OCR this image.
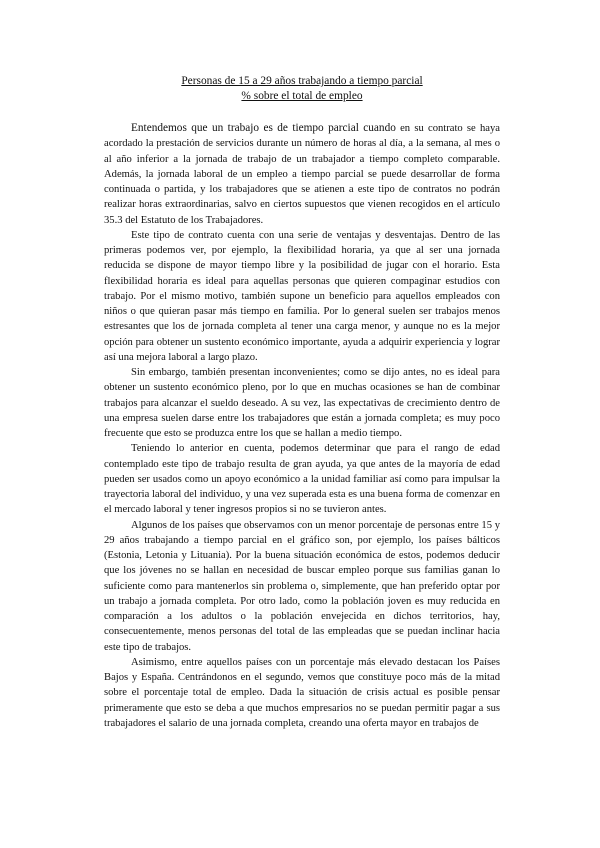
Personas de 15 a 29 años trabajando a tiempo parcial
% sobre el total de empleo

Entendemos que un trabajo es de tiempo parcial cuando en su contrato se haya acordado la prestación de servicios durante un número de horas al día, a la semana, al mes o al año inferior a la jornada de trabajo de un trabajador a tiempo completo comparable. Además, la jornada laboral de un empleo a tiempo parcial se puede desarrollar de forma continuada o partida, y los trabajadores que se atienen a este tipo de contratos no podrán realizar horas extraordinarias, salvo en ciertos supuestos que vienen recogidos en el artículo 35.3 del Estatuto de los Trabajadores.

Este tipo de contrato cuenta con una serie de ventajas y desventajas. Dentro de las primeras podemos ver, por ejemplo, la flexibilidad horaria, ya que al ser una jornada reducida se dispone de mayor tiempo libre y la posibilidad de jugar con el horario. Esta flexibilidad horaria es ideal para aquellas personas que quieren compaginar estudios con trabajo. Por el mismo motivo, también supone un beneficio para aquellos empleados con niños o que quieran pasar más tiempo en familia. Por lo general suelen ser trabajos menos estresantes que los de jornada completa al tener una carga menor, y aunque no es la mejor opción para obtener un sustento económico importante, ayuda a adquirir experiencia y lograr así una mejora laboral a largo plazo.

Sin embargo, también presentan inconvenientes; como se dijo antes, no es ideal para obtener un sustento económico pleno, por lo que en muchas ocasiones se han de combinar trabajos para alcanzar el sueldo deseado. A su vez, las expectativas de crecimiento dentro de una empresa suelen darse entre los trabajadores que están a jornada completa; es muy poco frecuente que esto se produzca entre los que se hallan a medio tiempo.

Teniendo lo anterior en cuenta, podemos determinar que para el rango de edad contemplado este tipo de trabajo resulta de gran ayuda, ya que antes de la mayoría de edad pueden ser usados como un apoyo económico a la unidad familiar así como para impulsar la trayectoria laboral del individuo, y una vez superada esta es una buena forma de comenzar en el mercado laboral y tener ingresos propios si no se tuvieron antes.

Algunos de los países que observamos con un menor porcentaje de personas entre 15 y 29 años trabajando a tiempo parcial en el gráfico son, por ejemplo, los países bálticos (Estonia, Letonia y Lituania). Por la buena situación económica de estos, podemos deducir que los jóvenes no se hallan en necesidad de buscar empleo porque sus familias ganan lo suficiente como para mantenerlos sin problema o, simplemente, que han preferido optar por un trabajo a jornada completa. Por otro lado, como la población joven es muy reducida en comparación a los adultos o la población envejecida en dichos territorios, hay, consecuentemente, menos personas del total de las empleadas que se puedan inclinar hacia este tipo de trabajos.

Asimismo, entre aquellos países con un porcentaje más elevado destacan los Países Bajos y España. Centrándonos en el segundo, vemos que constituye poco más de la mitad sobre el porcentaje total de empleo. Dada la situación de crisis actual es posible pensar primeramente que esto se deba a que muchos empresarios no se puedan permitir pagar a sus trabajadores el salario de una jornada completa, creando una oferta mayor en trabajos de
